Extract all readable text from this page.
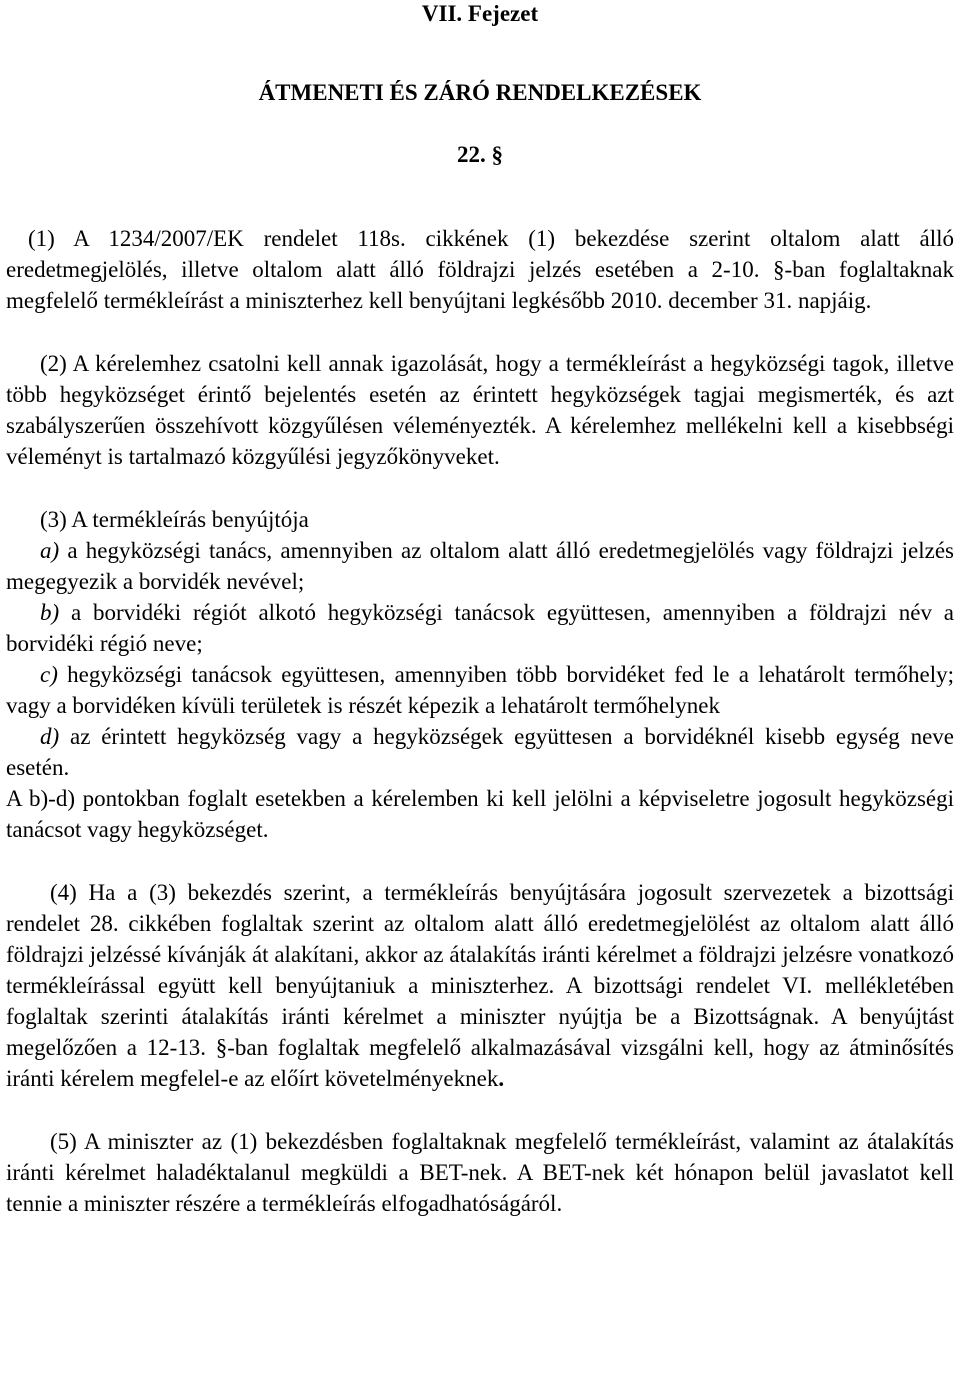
VII. Fejezet
ÁTMENETI ÉS ZÁRÓ RENDELKEZÉSEK
22. §

(1) A 1234/2007/EK rendelet 118s. cikkének (1) bekezdése szerint oltalom alatt álló eredetmegjelölés, illetve oltalom alatt álló földrajzi jelzés esetében a 2-10. §-ban foglaltaknak megfelelő termékleírást a miniszterhez kell benyújtani legkésőbb 2010. december 31. napjáig.

(2) A kérelemhez csatolni kell annak igazolását, hogy a termékleírást a hegyközségi tagok, illetve több hegyközséget érintő bejelentés esetén az érintett hegyközségek tagjai megismerték, és azt szabályszerűen összehívott közgyűlésen véleményezték. A kérelemhez mellékelni kell a kisebbségi véleményt is tartalmazó közgyűlési jegyzőkönyveket.

(3) A termékleírás benyújtója

a) a hegyközségi tanács, amennyiben az oltalom alatt álló eredetmegjelölés vagy földrajzi jelzés megegyezik a borvidék nevével;

b) a borvidéki régiót alkotó hegyközségi tanácsok együttesen, amennyiben a földrajzi név a borvidéki régió neve;

c) hegyközségi tanácsok együttesen, amennyiben több borvidéket fed le a lehatárolt termőhely; vagy a borvidéken kívüli területek is részét képezik a lehatárolt termőhelynek

d) az érintett hegyközség vagy a hegyközségek együttesen a borvidéknél kisebb egység neve esetén.

A b)-d) pontokban foglalt esetekben a kérelemben ki kell jelölni a képviseletre jogosult hegyközségi tanácsot vagy hegyközséget.

(4) Ha a (3) bekezdés szerint, a termékleírás benyújtására jogosult szervezetek a bizottsági rendelet 28. cikkében foglaltak szerint az oltalom alatt álló eredetmegjelölést az oltalom alatt álló földrajzi jelzéssé kívánják át alakítani, akkor az átalakítás iránti kérelmet a földrajzi jelzésre vonatkozó termékleírással együtt kell benyújtaniuk a miniszterhez. A bizottsági rendelet VI. mellékletében foglaltak szerinti átalakítás iránti kérelmet a miniszter nyújtja be a Bizottságnak. A benyújtást megelőzően a 12-13. §-ban foglaltak megfelelő alkalmazásával vizsgálni kell, hogy az átminősítés iránti kérelem megfelel-e az előírt követelményeknek.

(5) A miniszter az (1) bekezdésben foglaltaknak megfelelő termékleírást, valamint az átalakítás iránti kérelmet haladéktalanul megküldi a BET-nek. A BET-nek két hónapon belül javaslatot kell tennie a miniszter részére a termékleírás elfogadhatóságáról.
